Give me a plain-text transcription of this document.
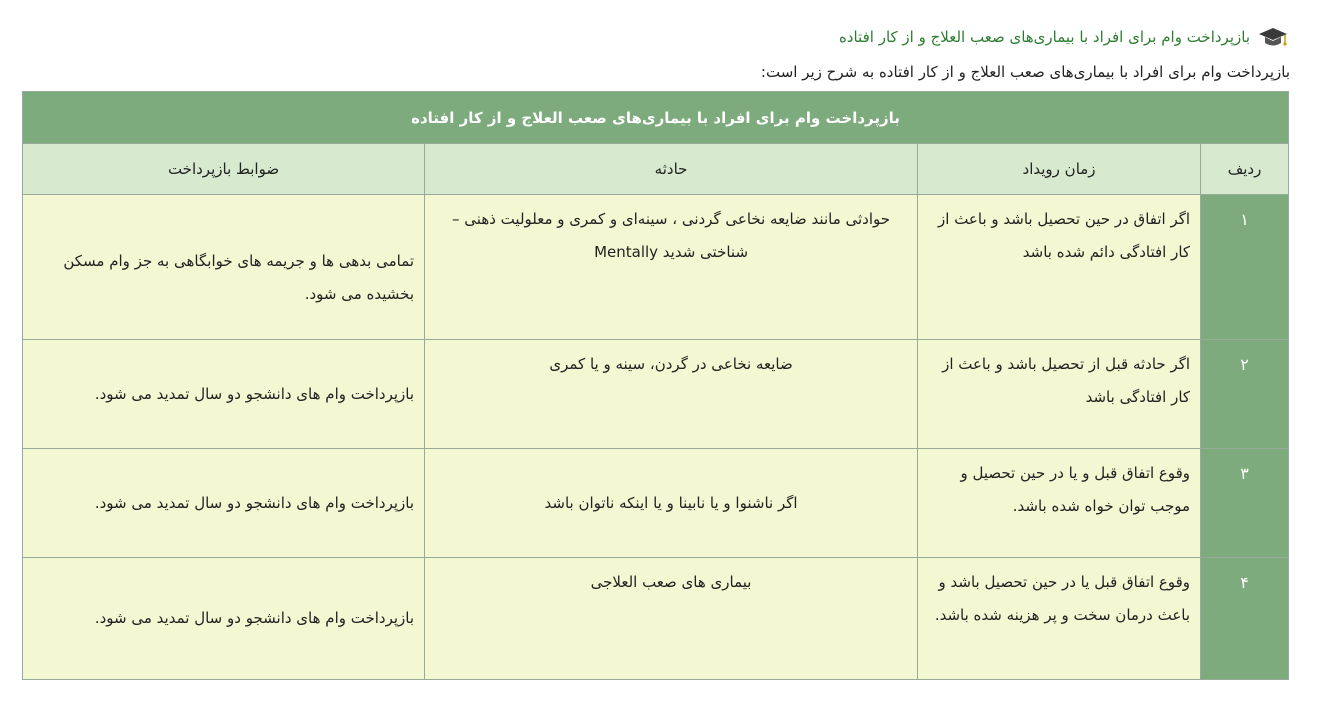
بازپرداخت وام برای افراد با بیماری‌های صعب العلاج و از کار افتاده
بازپرداخت وام برای افراد با بیماری‌های صعب العلاج و از کار افتاده به شرح زیر است:
بازپرداخت وام برای افراد با بیماری‌های صعب العلاج و از کار افتاده			
ردیف	زمان رویداد	حادثه	ضوابط بازپرداخت
۱	اگر اتفاق در حین تحصیل باشد و باعث از کار افتادگی دائم شده باشد	حوادثی مانند ضایعه نخاعی گردنی ، سینه‌ای و کمری و معلولیت ذهنی – شناختی شدید Mentally	تمامی بدهی ها و جریمه های خوابگاهی به جز وام مسکن بخشیده می شود.
۲	اگر حادثه قبل از تحصیل باشد و باعث از کار افتادگی باشد	ضایعه نخاعی در گردن، سینه و یا کمری	بازپرداخت وام های دانشجو دو سال تمدید می شود.
۳	وقوع اتفاق قبل و یا در حین تحصیل و موجب توان خواه شده باشد.	اگر ناشنوا و یا نابینا و یا اینکه ناتوان باشد	بازپرداخت وام های دانشجو دو سال تمدید می شود.
۴	وقوع اتفاق قبل یا در حین تحصیل باشد و باعث درمان سخت و پر هزینه شده باشد.	بیماری های صعب العلاجی	بازپرداخت وام های دانشجو دو سال تمدید می شود.
